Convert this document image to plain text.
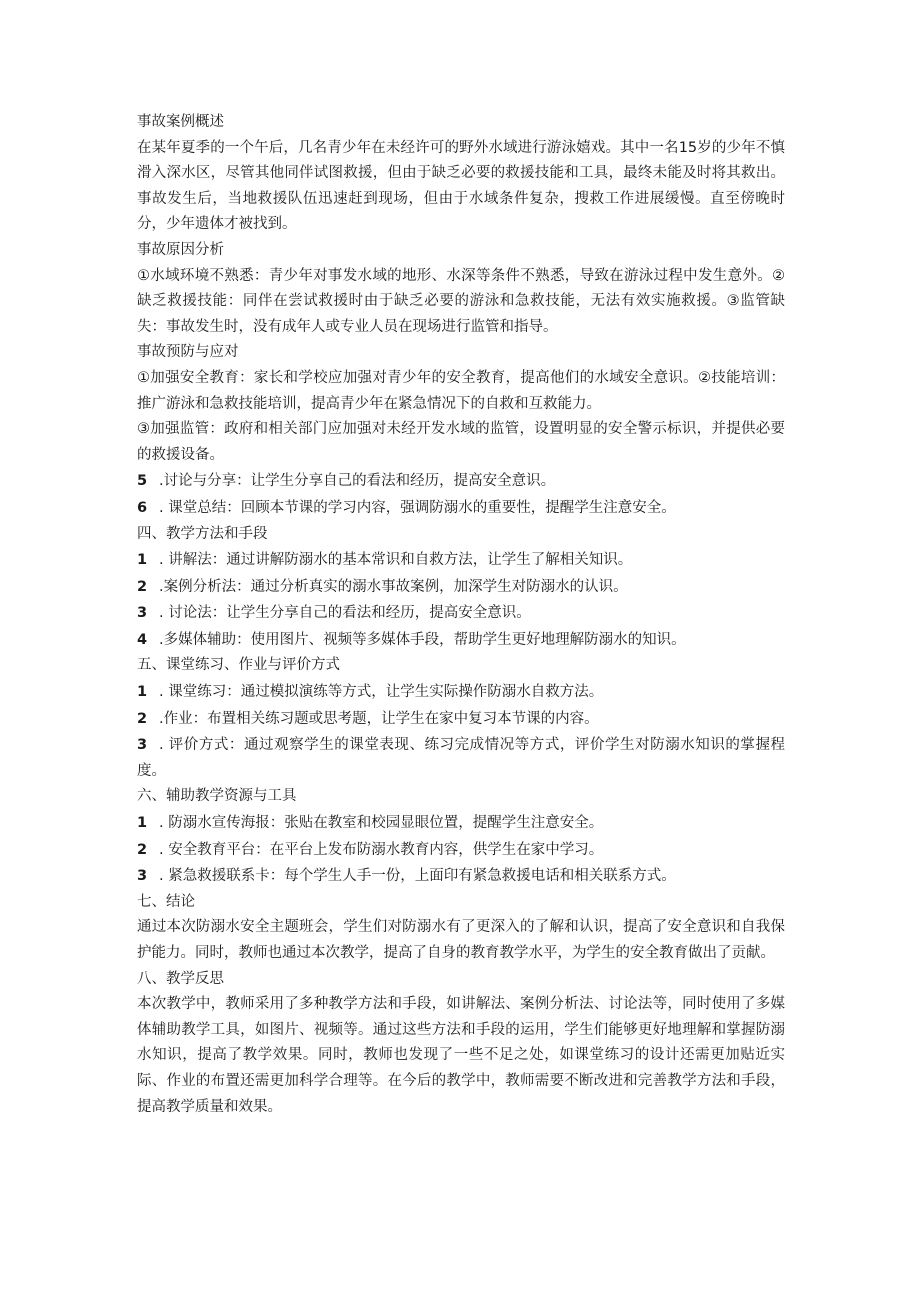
事故案例概述
在某年夏季的一个午后，几名青少年在未经许可的野外水域进行游泳嬉戏。其中一名15岁的少年不慎滑入深水区，尽管其他同伴试图救援，但由于缺乏必要的救援技能和工具，最终未能及时将其救出。事故发生后，当地救援队伍迅速赶到现场，但由于水域条件复杂，搜救工作进展缓慢。直至傍晚时分，少年遗体才被找到。
事故原因分析
①水域环境不熟悉：青少年对事发水域的地形、水深等条件不熟悉，导致在游泳过程中发生意外。②缺乏救援技能：同伴在尝试救援时由于缺乏必要的游泳和急救技能，无法有效实施救援。③监管缺失：事故发生时，没有成年人或专业人员在现场进行监管和指导。
事故预防与应对
①加强安全教育：家长和学校应加强对青少年的安全教育，提高他们的水域安全意识。②技能培训：推广游泳和急救技能培训，提高青少年在紧急情况下的自救和互救能力。
③加强监管：政府和相关部门应加强对未经开发水域的监管，设置明显的安全警示标识，并提供必要的救援设备。
5 .讨论与分享：让学生分享自己的看法和经历，提高安全意识。
6 . 课堂总结：回顾本节课的学习内容，强调防溺水的重要性，提醒学生注意安全。
四、教学方法和手段
1 . 讲解法：通过讲解防溺水的基本常识和自救方法，让学生了解相关知识。
2 .案例分析法：通过分析真实的溺水事故案例，加深学生对防溺水的认识。
3 . 讨论法：让学生分享自己的看法和经历，提高安全意识。
4 .多媒体辅助：使用图片、视频等多媒体手段，帮助学生更好地理解防溺水的知识。
五、课堂练习、作业与评价方式
1 . 课堂练习：通过模拟演练等方式，让学生实际操作防溺水自救方法。
2 .作业：布置相关练习题或思考题，让学生在家中复习本节课的内容。
3 . 评价方式：通过观察学生的课堂表现、练习完成情况等方式，评价学生对防溺水知识的掌握程度。
六、辅助教学资源与工具
1 . 防溺水宣传海报：张贴在教室和校园显眼位置，提醒学生注意安全。
2 . 安全教育平台：在平台上发布防溺水教育内容，供学生在家中学习。
3 . 紧急救援联系卡：每个学生人手一份，上面印有紧急救援电话和相关联系方式。
七、结论
通过本次防溺水安全主题班会，学生们对防溺水有了更深入的了解和认识，提高了安全意识和自我保护能力。同时，教师也通过本次教学，提高了自身的教育教学水平，为学生的安全教育做出了贡献。
八、教学反思
本次教学中，教师采用了多种教学方法和手段，如讲解法、案例分析法、讨论法等，同时使用了多媒体辅助教学工具，如图片、视频等。通过这些方法和手段的运用，学生们能够更好地理解和掌握防溺水知识，提高了教学效果。同时，教师也发现了一些不足之处，如课堂练习的设计还需更加贴近实际、作业的布置还需更加科学合理等。在今后的教学中，教师需要不断改进和完善教学方法和手段，提高教学质量和效果。
